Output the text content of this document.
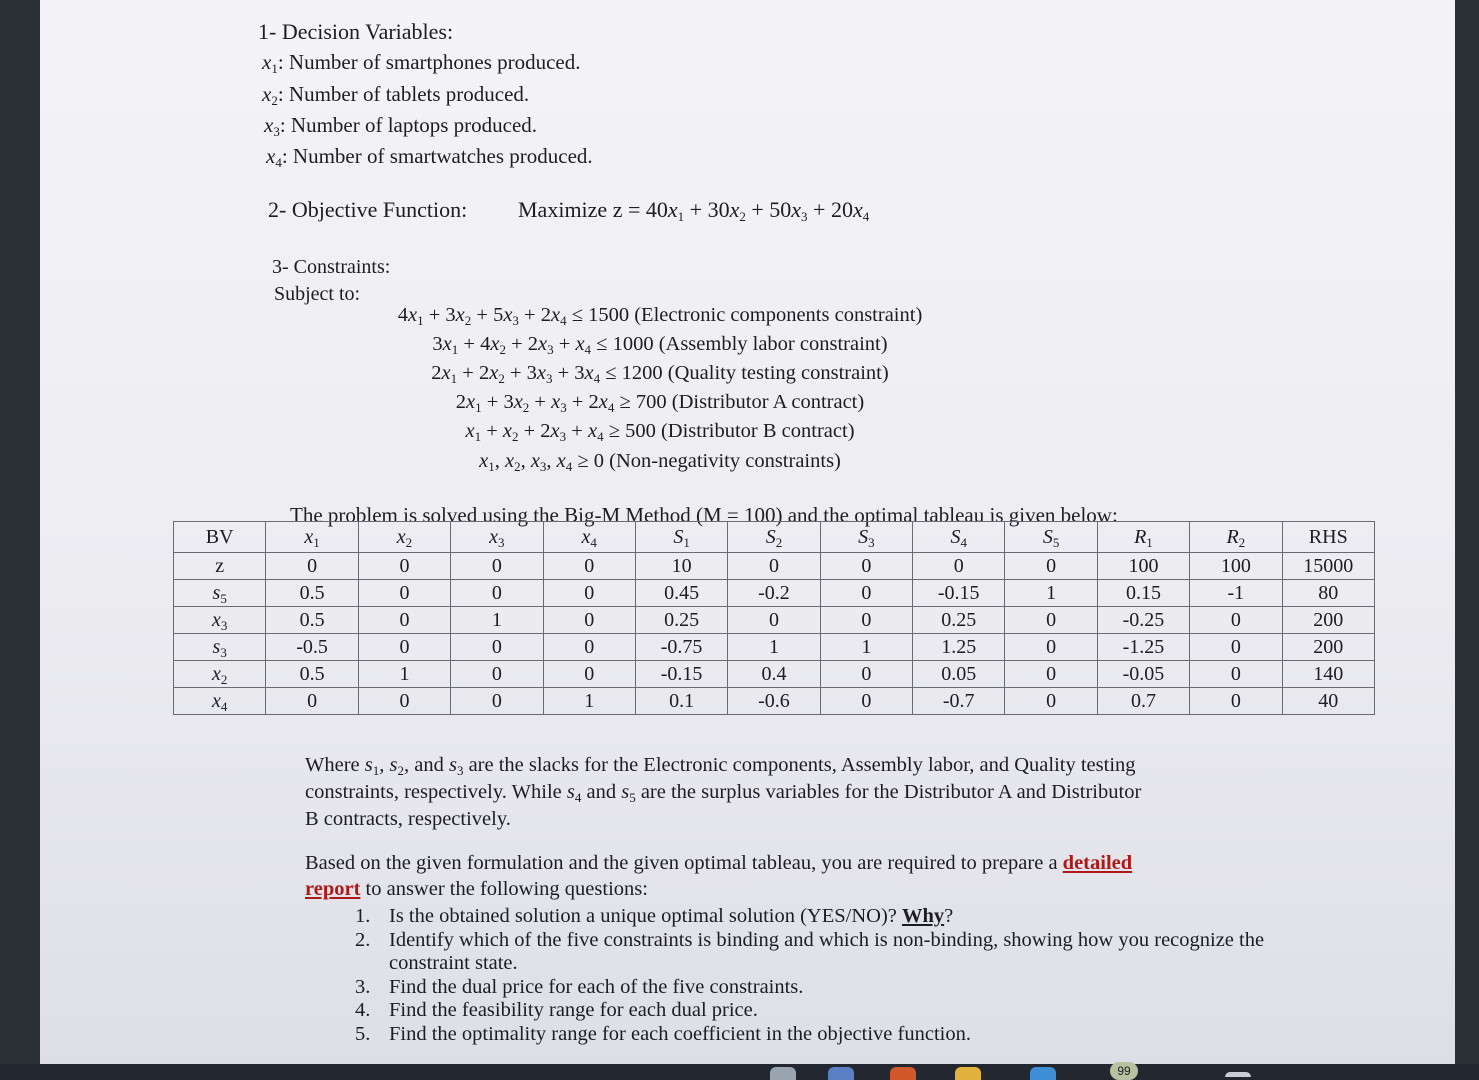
1- Decision Variables:
$x_1$: Number of smartphones produced.
$x_2$: Number of tablets produced.
$x_3$: Number of laptops produced.
$x_4$: Number of smartwatches produced.
2- Objective Function: Maximize $z = 40x_1 + 30x_2 + 50x_3 + 20x_4$
3- Constraints:
Subject to:
$4x_1 + 3x_2 + 5x_3 + 2x_4 \le 1500$ (Electronic components constraint)
$3x_1 + 4x_2 + 2x_3 + x_4 \le 1000$ (Assembly labor constraint)
$2x_1 + 2x_2 + 3x_3 + 3x_4 \le 1200$ (Quality testing constraint)
$2x_1 + 3x_2 + x_3 + 2x_4 \ge 700$ (Distributor A contract)
$x_1 + x_2 + 2x_3 + x_4 \ge 500$ (Distributor B contract)
$x_1$, $x_2$, $x_3$, $x_4 \ge 0$ (Non-negativity constraints)
The problem is solved using the Big-M Method (M = 100) and the optimal tableau is given below:
BV	$x_1$	$x_2$	$x_3$	$x_4$	$S_1$	$S_2$	$S_3$	$S_4$	$S_5$	$R_1$	$R_2$	RHS
z	0	0	0	0	10	0	0	0	0	100	100	15000
$s_5$	0.5	0	0	0	0.45	-0.2	0	-0.15	1	0.15	-1	80
$x_3$	0.5	0	1	0	0.25	0	0	0.25	0	-0.25	0	200
$s_3$	-0.5	0	0	0	-0.75	1	1	1.25	0	-1.25	0	200
$x_2$	0.5	1	0	0	-0.15	0.4	0	0.05	0	-0.05	0	140
$x_4$	0	0	0	1	0.1	-0.6	0	-0.7	0	0.7	0	40
Where $s_1$, $s_2$, and $s_3$ are the slacks for the Electronic components, Assembly labor, and Quality testing
constraints, respectively. While $s_4$ and $s_5$ are the surplus variables for the Distributor A and Distributor
B contracts, respectively.
Based on the given formulation and the given optimal tableau, you are required to prepare a detailed
report to answer the following questions:
1. Is the obtained solution a unique optimal solution (YES/NO)? Why?
2. Identify which of the five constraints is binding and which is non-binding, showing how you recognize the constraint state.
3. Find the dual price for each of the five constraints.
4. Find the feasibility range for each dual price.
5. Find the optimality range for each coefficient in the objective function.
99
